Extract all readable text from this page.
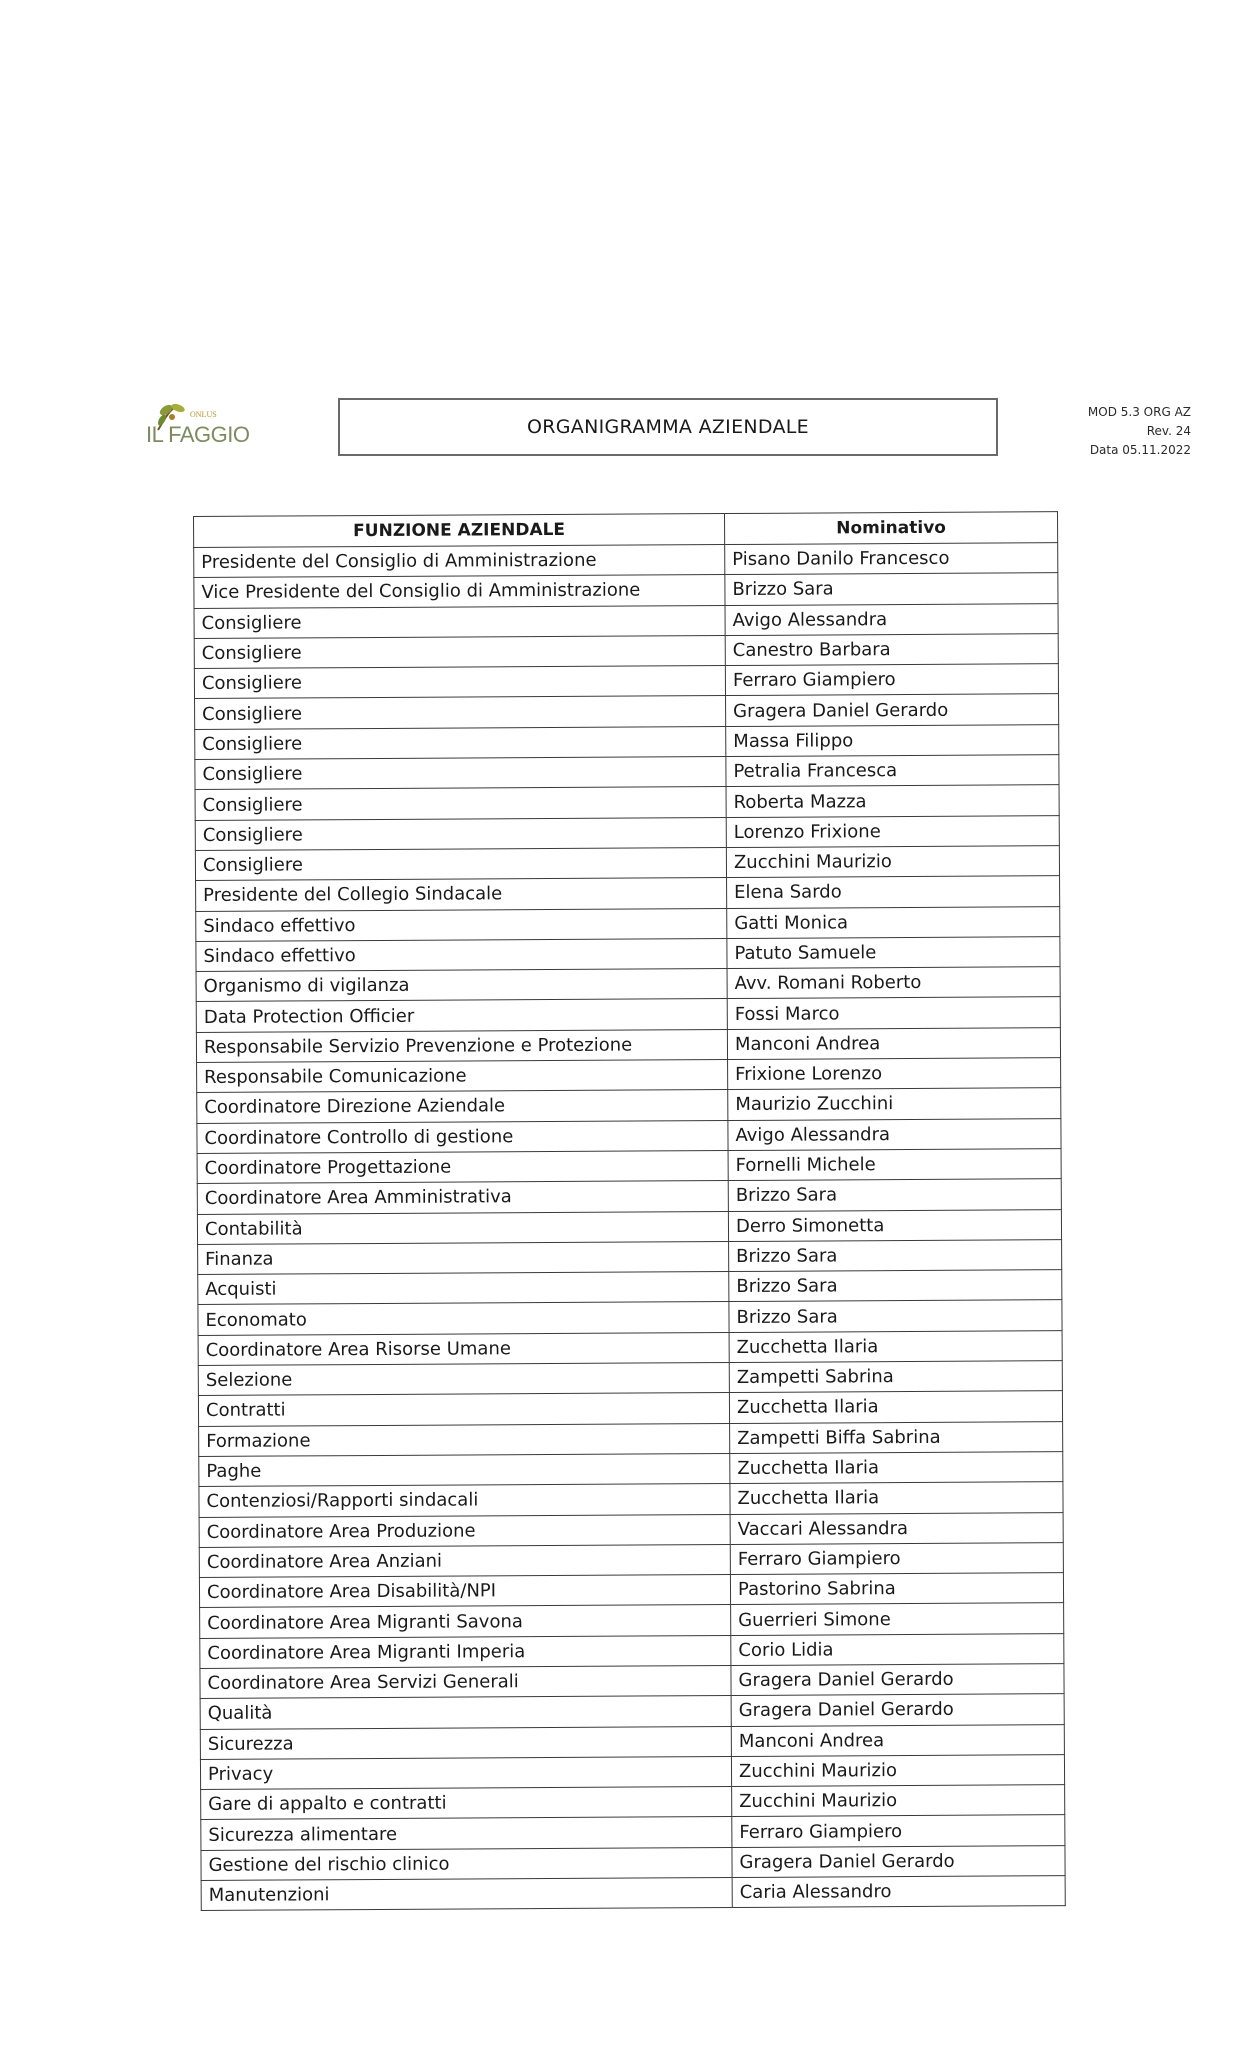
ONLUS
IL FAGGIO	ORGANIGRAMMA AZIENDALE
MOD 5.3 ORG AZ
Rev. 24
Data 05.11.2022
FUNZIONE AZIENDALE	Nominativo
Presidente del Consiglio di Amministrazione	Pisano Danilo Francesco
Vice Presidente del Consiglio di Amministrazione	Brizzo Sara
Consigliere	Avigo Alessandra
Consigliere	Canestro Barbara
Consigliere	Ferraro Giampiero
Consigliere	Gragera Daniel Gerardo
Consigliere	Massa Filippo
Consigliere	Petralia Francesca
Consigliere	Roberta Mazza
Consigliere	Lorenzo Frixione
Consigliere	Zucchini Maurizio
Presidente del Collegio Sindacale	Elena Sardo
Sindaco effettivo	Gatti Monica
Sindaco effettivo	Patuto Samuele
Organismo di vigilanza	Avv. Romani Roberto
Data Protection Officier	Fossi Marco
Responsabile Servizio Prevenzione e Protezione	Manconi Andrea
Responsabile Comunicazione	Frixione Lorenzo
Coordinatore Direzione Aziendale	Maurizio Zucchini
Coordinatore Controllo di gestione	Avigo Alessandra
Coordinatore Progettazione	Fornelli Michele
Coordinatore Area Amministrativa	Brizzo Sara
Contabilità	Derro Simonetta
Finanza	Brizzo Sara
Acquisti	Brizzo Sara
Economato	Brizzo Sara
Coordinatore Area Risorse Umane	Zucchetta Ilaria
Selezione	Zampetti Sabrina
Contratti	Zucchetta Ilaria
Formazione	Zampetti Biffa Sabrina
Paghe	Zucchetta Ilaria
Contenziosi/Rapporti sindacali	Zucchetta Ilaria
Coordinatore Area Produzione	Vaccari Alessandra
Coordinatore Area Anziani	Ferraro Giampiero
Coordinatore Area Disabilità/NPI	Pastorino Sabrina
Coordinatore Area Migranti Savona	Guerrieri Simone
Coordinatore Area Migranti Imperia	Corio Lidia
Coordinatore Area Servizi Generali	Gragera Daniel Gerardo
Qualità	Gragera Daniel Gerardo
Sicurezza	Manconi Andrea
Privacy	Zucchini Maurizio
Gare di appalto e contratti	Zucchini Maurizio
Sicurezza alimentare	Ferraro Giampiero
Gestione del rischio clinico	Gragera Daniel Gerardo
Manutenzioni	Caria Alessandro
